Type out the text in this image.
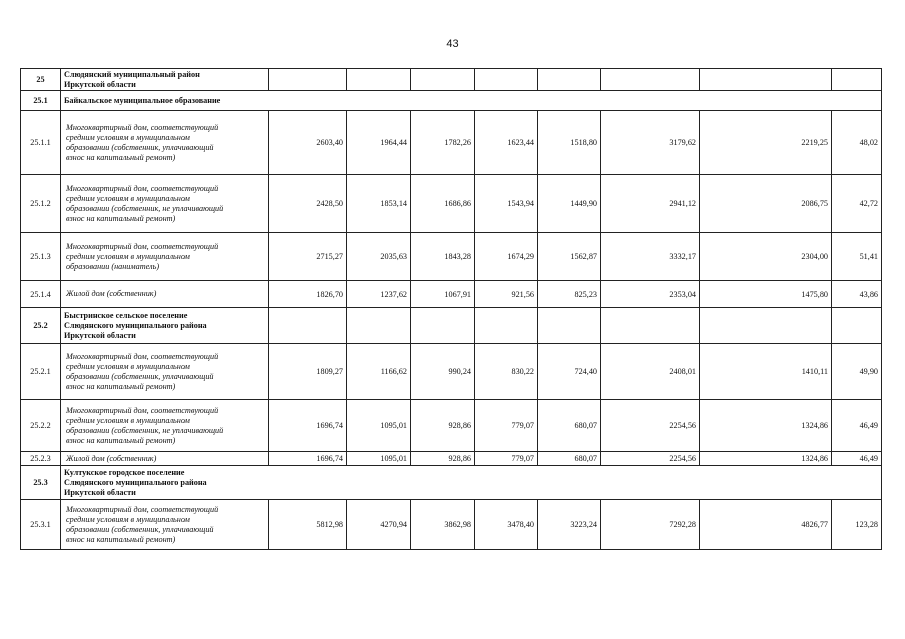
43
25	Слюдянский муниципальный район
Иркутской области								

25.1	Байкальское муниципальное образование								

25.1.1	Многоквартирный дом, соответствующий
средним условиям в муниципальном
образовании (собственник, уплачивающий
взнос на капитальный ремонт)	2603,40	1964,44	1782,26	1623,44	1518,80	3179,62	2219,25	48,02
25.1.2	Многоквартирный дом, соответствующий
средним условиям в муниципальном
образовании (собственник, не уплачивающий
взнос на капитальный ремонт)	2428,50	1853,14	1686,86	1543,94	1449,90	2941,12	2086,75	42,72
25.1.3	Многоквартирный дом, соответствующий
средним условиям в муниципальном
образовании (наниматель)	2715,27	2035,63	1843,28	1674,29	1562,87	3332,17	2304,00	51,41
25.1.4	Жилой дом (собственник)	1826,70	1237,62	1067,91	921,56	825,23	2353,04	1475,80	43,86
25.2	Быстринское сельское поселение
Слюдянского муниципального района
Иркутской области								

25.2.1	Многоквартирный дом, соответствующий
средним условиям в муниципальном
образовании (собственник, уплачивающий
взнос на капитальный ремонт)	1809,27	1166,62	990,24	830,22	724,40	2408,01	1410,11	49,90
25.2.2	Многоквартирный дом, соответствующий
средним условиям в муниципальном
образовании (собственник, не уплачивающий
взнос на капитальный ремонт)	1696,74	1095,01	928,86	779,07	680,07	2254,56	1324,86	46,49
25.2.3	Жилой дом (собственник)	1696,74	1095,01	928,86	779,07	680,07	2254,56	1324,86	46,49
25.3	Култукское городское поселение
Слюдянского муниципального района
Иркутской области								

25.3.1	Многоквартирный дом, соответствующий
средним условиям в муниципальном
образовании (собственник, уплачивающий
взнос на капитальный ремонт)	5812,98	4270,94	3862,98	3478,40	3223,24	7292,28	4826,77	123,28
